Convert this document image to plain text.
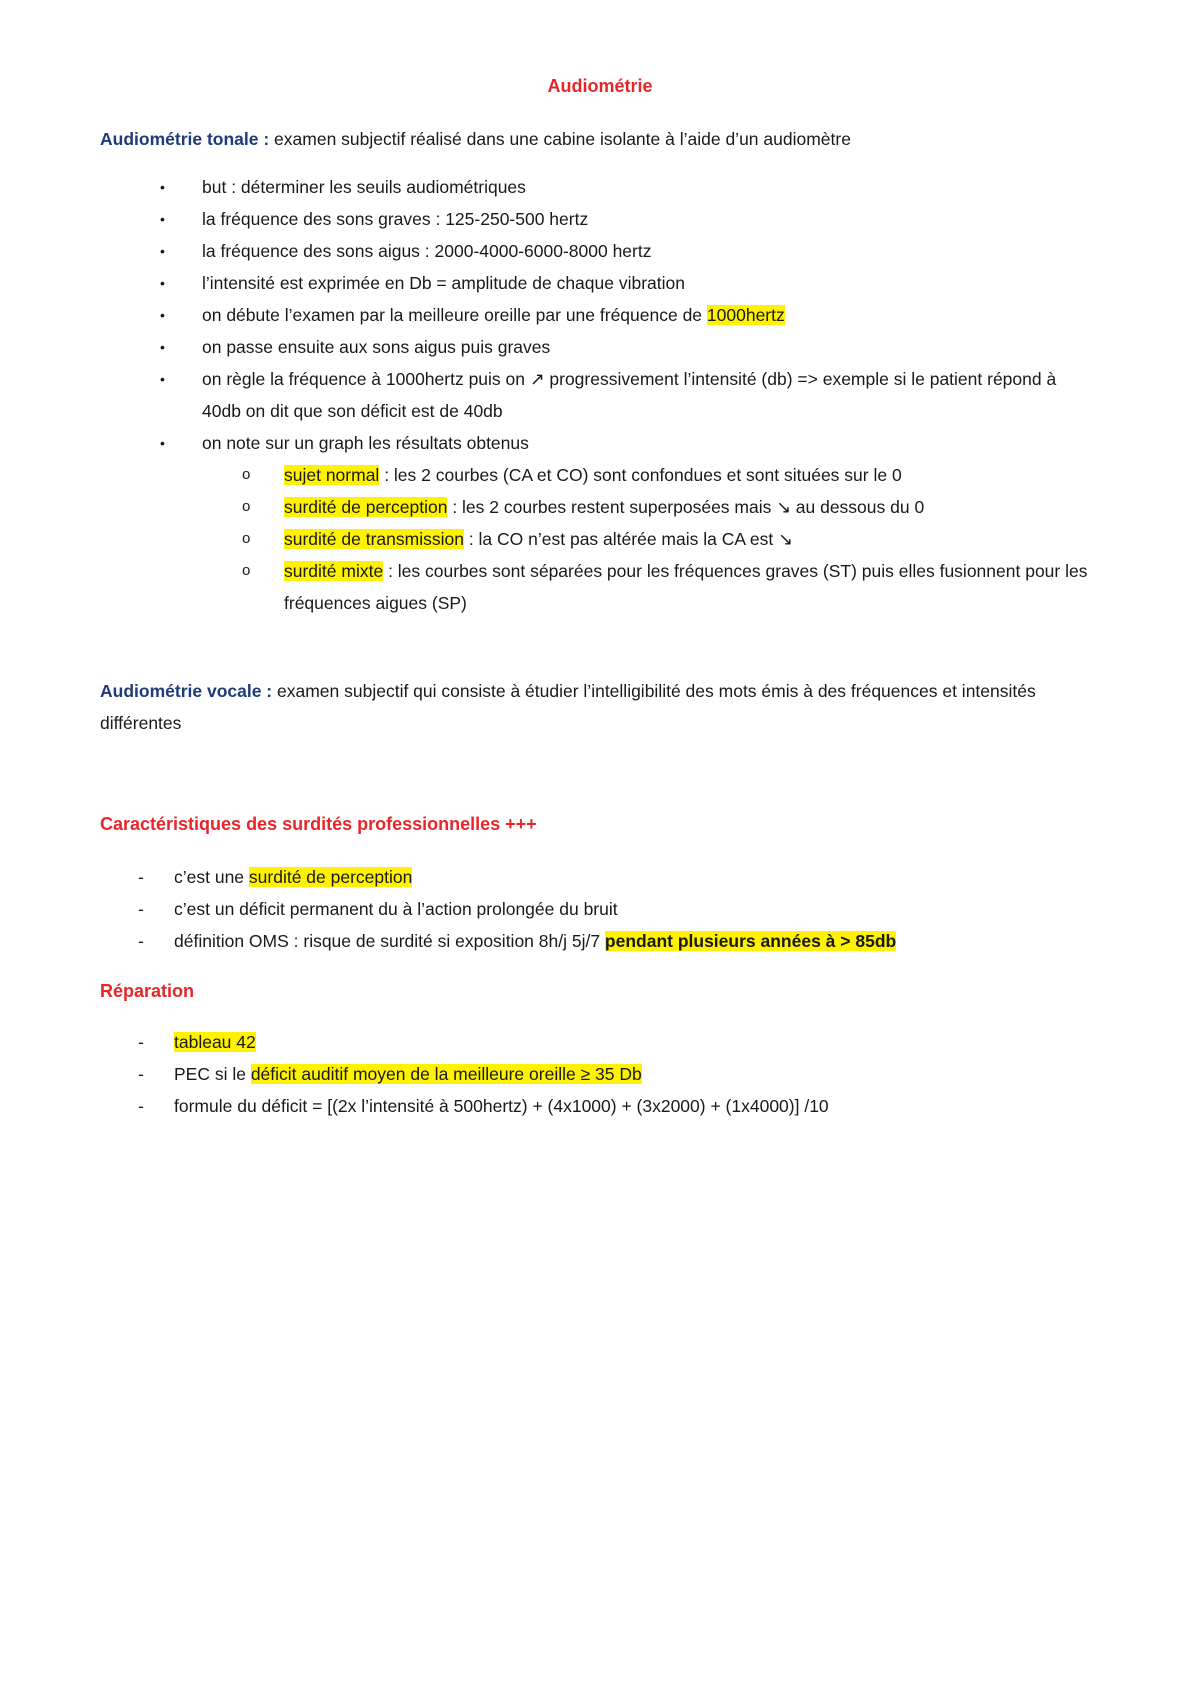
Audiométrie
Audiométrie tonale : examen subjectif réalisé dans une cabine isolante à l’aide d’un audiomètre
• but : déterminer les seuils audiométriques
• la fréquence des sons graves : 125-250-500 hertz
• la fréquence des sons aigus : 2000-4000-6000-8000 hertz
• l’intensité est exprimée en Db = amplitude de chaque vibration
• on débute l’examen par la meilleure oreille par une fréquence de 1000hertz
• on passe ensuite aux sons aigus puis graves
• on règle la fréquence à 1000hertz puis on ↗ progressivement l’intensité (db) => exemple si le patient répond à 40db on dit que son déficit est de 40db
• on note sur un graph les résultats obtenus
o sujet normal : les 2 courbes (CA et CO) sont confondues et sont situées sur le 0
o surdité de perception : les 2 courbes restent superposées mais ↘ au dessous du 0
o surdité de transmission : la CO n’est pas altérée mais la CA est ↘
o surdité mixte : les courbes sont séparées pour les fréquences graves (ST) puis elles fusionnent pour les fréquences aigues (SP)
Audiométrie vocale : examen subjectif qui consiste à étudier l’intelligibilité des mots émis à des fréquences et intensités différentes
Caractéristiques des surdités professionnelles +++
- c’est une surdité de perception
- c’est un déficit permanent du à l’action prolongée du bruit
- définition OMS : risque de surdité si exposition 8h/j 5j/7 pendant plusieurs années à > 85db
Réparation
- tableau 42
- PEC si le déficit auditif moyen de la meilleure oreille ≥ 35 Db
- formule du déficit = [(2x l’intensité à 500hertz) + (4x1000) + (3x2000) + (1x4000)] /10
